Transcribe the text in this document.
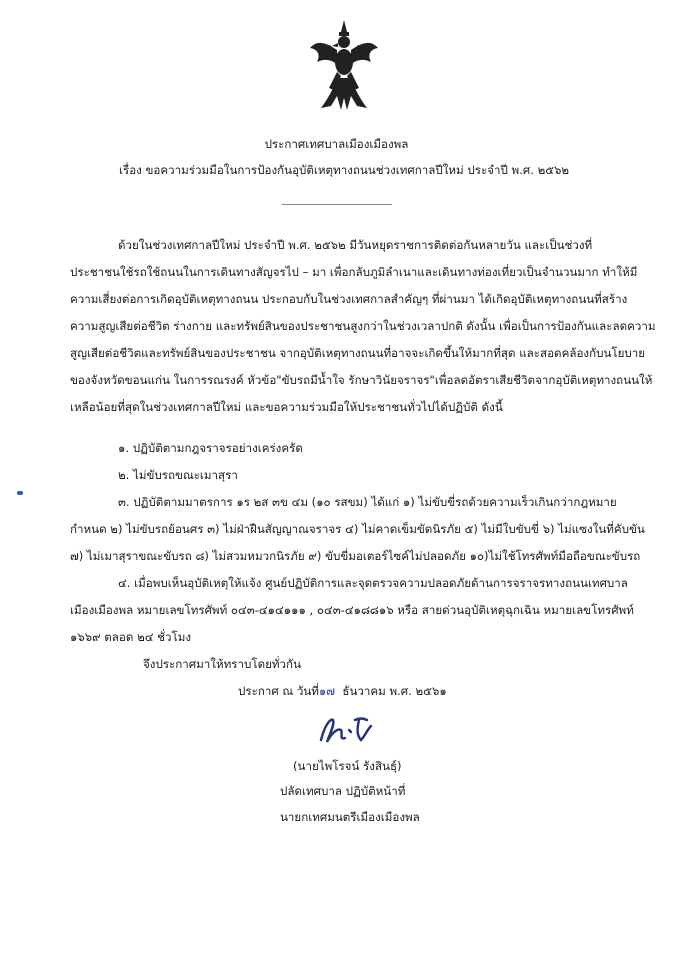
ประกาศเทศบาลเมืองเมืองพล
เรื่อง ขอความร่วมมือในการป้องกันอุบัติเหตุทางถนนช่วงเทศกาลปีใหม่ ประจำปี พ.ศ. ๒๕๖๒
ด้วยในช่วงเทศกาลปีใหม่ ประจำปี พ.ศ. ๒๕๖๒ มีวันหยุดราชการติดต่อกันหลายวัน และเป็นช่วงที่
ประชาชนใช้รถใช้ถนนในการเดินทางสัญจรไป – มา เพื่อกลับภูมิลำเนาและเดินทางท่องเที่ยวเป็นจำนวนมาก ทำให้มี
ความเสี่ยงต่อการเกิดอุบัติเหตุทางถนน ประกอบกับในช่วงเทศกาลสำคัญๆ ที่ผ่านมา ได้เกิดอุบัติเหตุทางถนนที่สร้าง
ความสูญเสียต่อชีวิต ร่างกาย และทรัพย์สินของประชาชนสูงกว่าในช่วงเวลาปกติ ดังนั้น เพื่อเป็นการป้องกันและลดความ
สูญเสียต่อชีวิตและทรัพย์สินของประชาชน จากอุบัติเหตุทางถนนที่อาจจะเกิดขึ้นให้มากที่สุด และสอดคล้องกับนโยบาย
ของจังหวัดขอนแก่น ในการรณรงค์ หัวข้อ"ขับรถมีน้ำใจ รักษาวินัยจราจร"เพื่อลดอัตราเสียชีวิตจากอุบัติเหตุทางถนนให้
เหลือน้อยที่สุดในช่วงเทศกาลปีใหม่ และขอความร่วมมือให้ประชาชนทั่วไปได้ปฏิบัติ ดังนี้
๑. ปฏิบัติตามกฎจราจรอย่างเคร่งครัด
๒. ไม่ขับรถขณะเมาสุรา
๓. ปฏิบัติตามมาตรการ ๑ร ๒ส ๓ข ๔ม (๑๐ รสขม) ได้แก่ ๑) ไม่ขับขี่รถด้วยความเร็วเกินกว่ากฎหมาย
กำหนด ๒) ไม่ขับรถย้อนศร ๓) ไม่ฝ่าฝืนสัญญาณจราจร ๔) ไม่คาดเข็มขัดนิรภัย ๕) ไม่มีใบขับขี่ ๖) ไม่แซงในที่คับขัน
๗) ไม่เมาสุราขณะขับรถ ๘) ไม่สวมหมวกนิรภัย ๙) ขับขี่มอเตอร์ไซค์ไม่ปลอดภัย ๑๐)ไม่ใช้โทรศัพท์มือถือขณะขับรถ
๔. เมื่อพบเห็นอุบัติเหตุให้แจ้ง ศูนย์ปฏิบัติการและจุดตรวจความปลอดภัยด้านการจราจรทางถนนเทศบาล
เมืองเมืองพล หมายเลขโทรศัพท์ ๐๔๓-๔๑๔๑๑๑ , ๐๔๓-๔๑๘๘๑๖ หรือ สายด่วนอุบัติเหตุฉุกเฉิน หมายเลขโทรศัพท์
๑๖๖๙ ตลอด ๒๔ ชั่วโมง
จึงประกาศมาให้ทราบโดยทั่วกัน
ประกาศ ณ วันที่๑๗ ธันวาคม พ.ศ. ๒๕๖๑
(นายไพโรจน์ รังสินธุ์)
ปลัดเทศบาล ปฏิบัติหน้าที่
นายกเทศมนตรีเมืองเมืองพล
